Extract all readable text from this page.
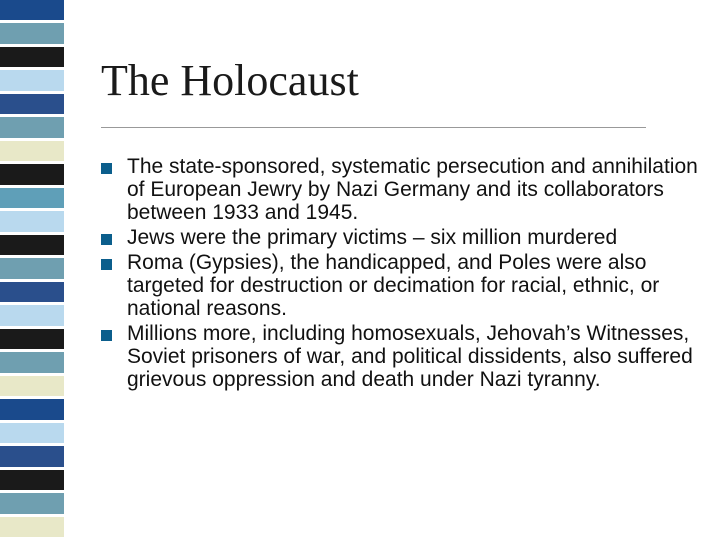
The Holocaust
The state-sponsored, systematic persecution and annihilation of European Jewry by Nazi Germany and its collaborators between 1933 and 1945.
Jews were the primary victims – six million murdered
Roma (Gypsies), the handicapped, and Poles were also targeted for destruction or decimation for racial, ethnic, or national reasons.
Millions more, including homosexuals, Jehovah’s Witnesses, Soviet prisoners of war, and political dissidents, also suffered grievous oppression and death under Nazi tyranny.
